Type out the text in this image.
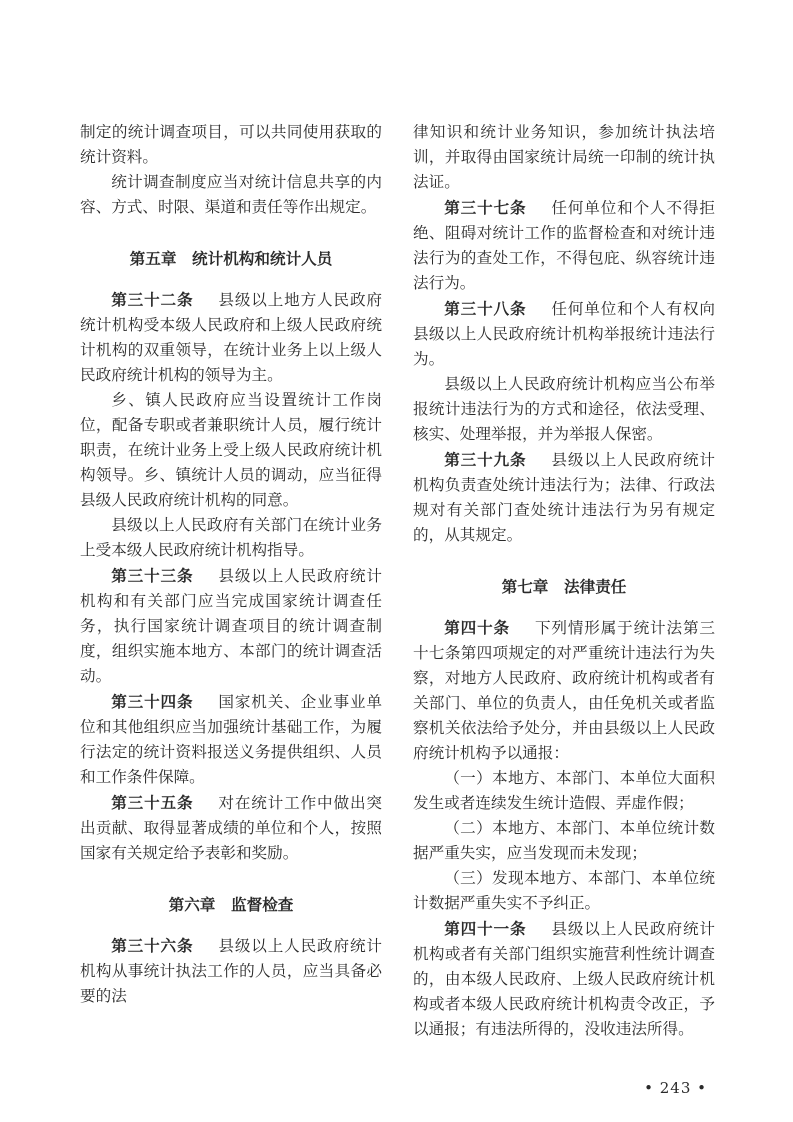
制定的统计调查项目，可以共同使用获取的统计资料。

统计调查制度应当对统计信息共享的内容、方式、时限、渠道和责任等作出规定。

第五章 统计机构和统计人员

第三十二条 县级以上地方人民政府统计机构受本级人民政府和上级人民政府统计机构的双重领导，在统计业务上以上级人民政府统计机构的领导为主。

乡、镇人民政府应当设置统计工作岗位，配备专职或者兼职统计人员，履行统计职责，在统计业务上受上级人民政府统计机构领导。乡、镇统计人员的调动，应当征得县级人民政府统计机构的同意。

县级以上人民政府有关部门在统计业务上受本级人民政府统计机构指导。

第三十三条 县级以上人民政府统计机构和有关部门应当完成国家统计调查任务，执行国家统计调查项目的统计调查制度，组织实施本地方、本部门的统计调查活动。

第三十四条 国家机关、企业事业单位和其他组织应当加强统计基础工作，为履行法定的统计资料报送义务提供组织、人员和工作条件保障。

第三十五条 对在统计工作中做出突出贡献、取得显著成绩的单位和个人，按照国家有关规定给予表彰和奖励。

第六章 监督检查

第三十六条 县级以上人民政府统计机构从事统计执法工作的人员，应当具备必要的法

律知识和统计业务知识，参加统计执法培训，并取得由国家统计局统一印制的统计执法证。

第三十七条 任何单位和个人不得拒绝、阻碍对统计工作的监督检查和对统计违法行为的查处工作，不得包庇、纵容统计违法行为。

第三十八条 任何单位和个人有权向县级以上人民政府统计机构举报统计违法行为。

县级以上人民政府统计机构应当公布举报统计违法行为的方式和途径，依法受理、核实、处理举报，并为举报人保密。

第三十九条 县级以上人民政府统计机构负责查处统计违法行为；法律、行政法规对有关部门查处统计违法行为另有规定的，从其规定。

第七章 法律责任

第四十条 下列情形属于统计法第三十七条第四项规定的对严重统计违法行为失察，对地方人民政府、政府统计机构或者有关部门、单位的负责人，由任免机关或者监察机关依法给予处分，并由县级以上人民政府统计机构予以通报：

（一）本地方、本部门、本单位大面积发生或者连续发生统计造假、弄虚作假；

（二）本地方、本部门、本单位统计数据严重失实，应当发现而未发现；

（三）发现本地方、本部门、本单位统计数据严重失实不予纠正。

第四十一条 县级以上人民政府统计机构或者有关部门组织实施营利性统计调查的，由本级人民政府、上级人民政府统计机构或者本级人民政府统计机构责令改正，予以通报；有违法所得的，没收违法所得。

• 243 •
